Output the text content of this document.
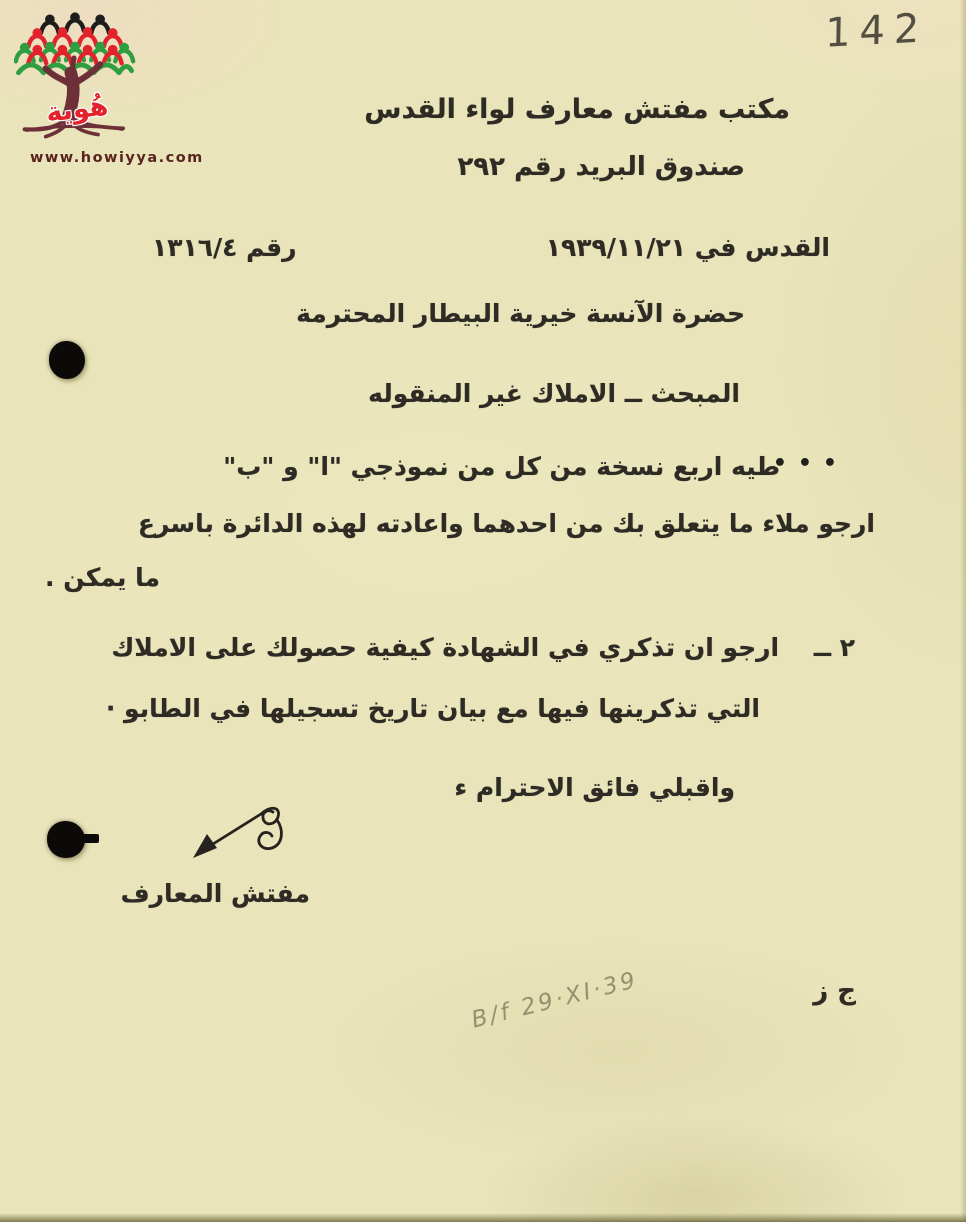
هُوية
www.howiyya.com
142
مكتب مفتش معارف لواء القدس
صندوق البريد رقم ٢٩٢
القدس في ١٩٣٩/١١/٢١
رقم ١٣١٦/٤
حضرة الآنسة خيرية البيطار المحترمة
المبحث ــ الاملاك غير المنقوله
•••
طيه اربع نسخة من كل من نموذجي "ا" و "ب"
ارجو ملاء ما يتعلق بك من احدهما واعادته لهذه الدائرة باسرع
ما يمكن .
٢ ــ    ارجو ان تذكري في الشهادة كيفية حصولك على الاملاك
التي تذكرينها فيها مع بيان تاريخ تسجيلها في الطابو ·
واقبلي فائق الاحترام ء
مفتش المعارف
ج ز
B/f 29·XI·39
